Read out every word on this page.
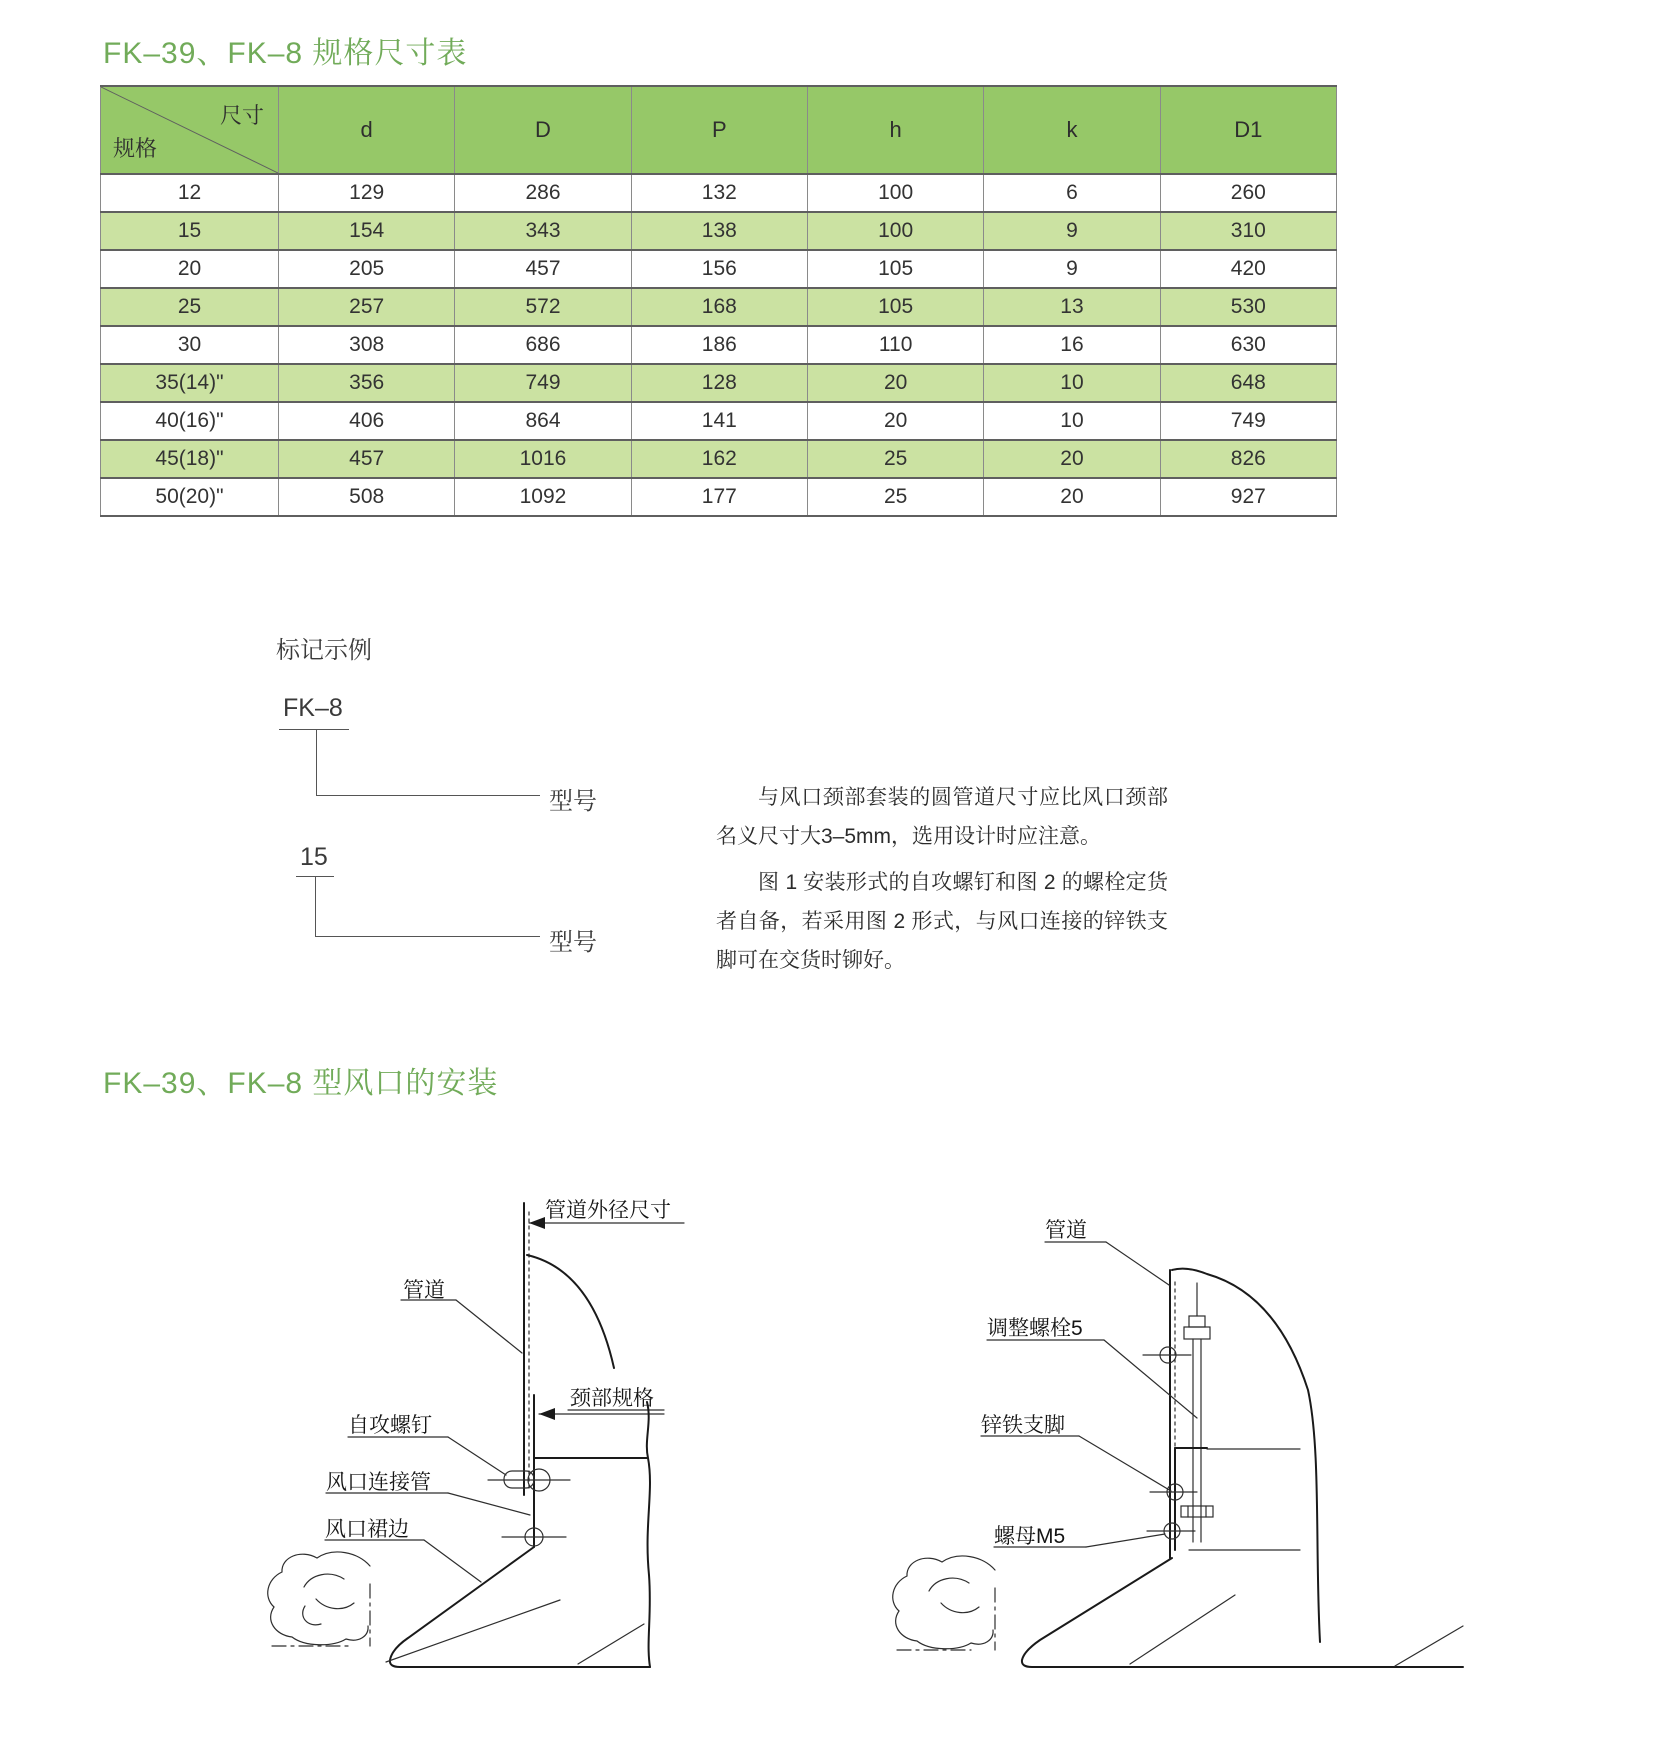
FK–39、FK–8 规格尺寸表
尺寸
规格	d	D	P	h	k	D1
12	129	286	132	100	6	260
15	154	343	138	100	9	310
20	205	457	156	105	9	420
25	257	572	168	105	13	530
30	308	686	186	110	16	630
35(14)"	356	749	128	20	10	648
40(16)"	406	864	141	20	10	749
45(18)"	457	1016	162	25	20	826
50(20)"	508	1092	177	25	20	927
标记示例
FK–8
型号
15
型号

与风口颈部套装的圆管道尺寸应比风口颈部名义尺寸大3–5mm，选用设计时应注意。

图 1 安装形式的自攻螺钉和图 2 的螺栓定货者自备，若采用图 2 形式，与风口连接的锌铁支脚可在交货时铆好。

FK–39、FK–8 型风口的安装
管道外径尺寸
管道
颈部规格
自攻螺钉
风口连接管
风口裙边
管道
调整螺栓5
锌铁支脚
螺母M5
